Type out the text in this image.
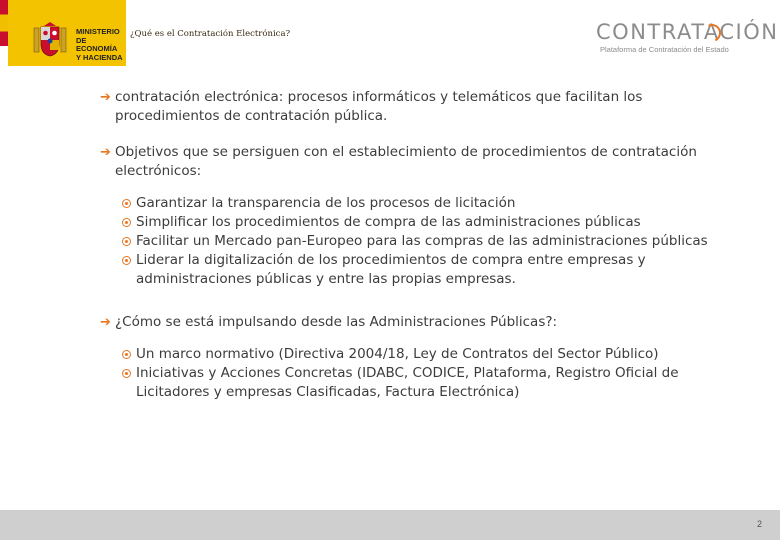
MINISTERIO
DE ECONOMÍA
Y HACIENDA
¿Qué es el Contratación Electrónica?	CONTRATACIÓN
Plataforma de Contratación del Estado
➔ contratación electrónica: procesos informáticos y telemáticos que facilitan los procedimientos de contratación pública.
➔ Objetivos que se persiguen con el establecimiento de procedimientos de contratación electrónicos:
Garantizar la transparencia de los procesos de licitación
Simplificar los procedimientos de compra de las administraciones públicas
Facilitar un Mercado pan-Europeo para las compras de las administraciones públicas
Liderar la digitalización de los procedimientos de compra entre empresas y administraciones públicas y entre las propias empresas.
➔ ¿Cómo se está impulsando desde las Administraciones Públicas?:
Un marco normativo (Directiva 2004/18, Ley de Contratos del Sector Público)
Iniciativas y Acciones Concretas (IDABC, CODICE, Plataforma, Registro Oficial de Licitadores y empresas Clasificadas, Factura Electrónica)
2
